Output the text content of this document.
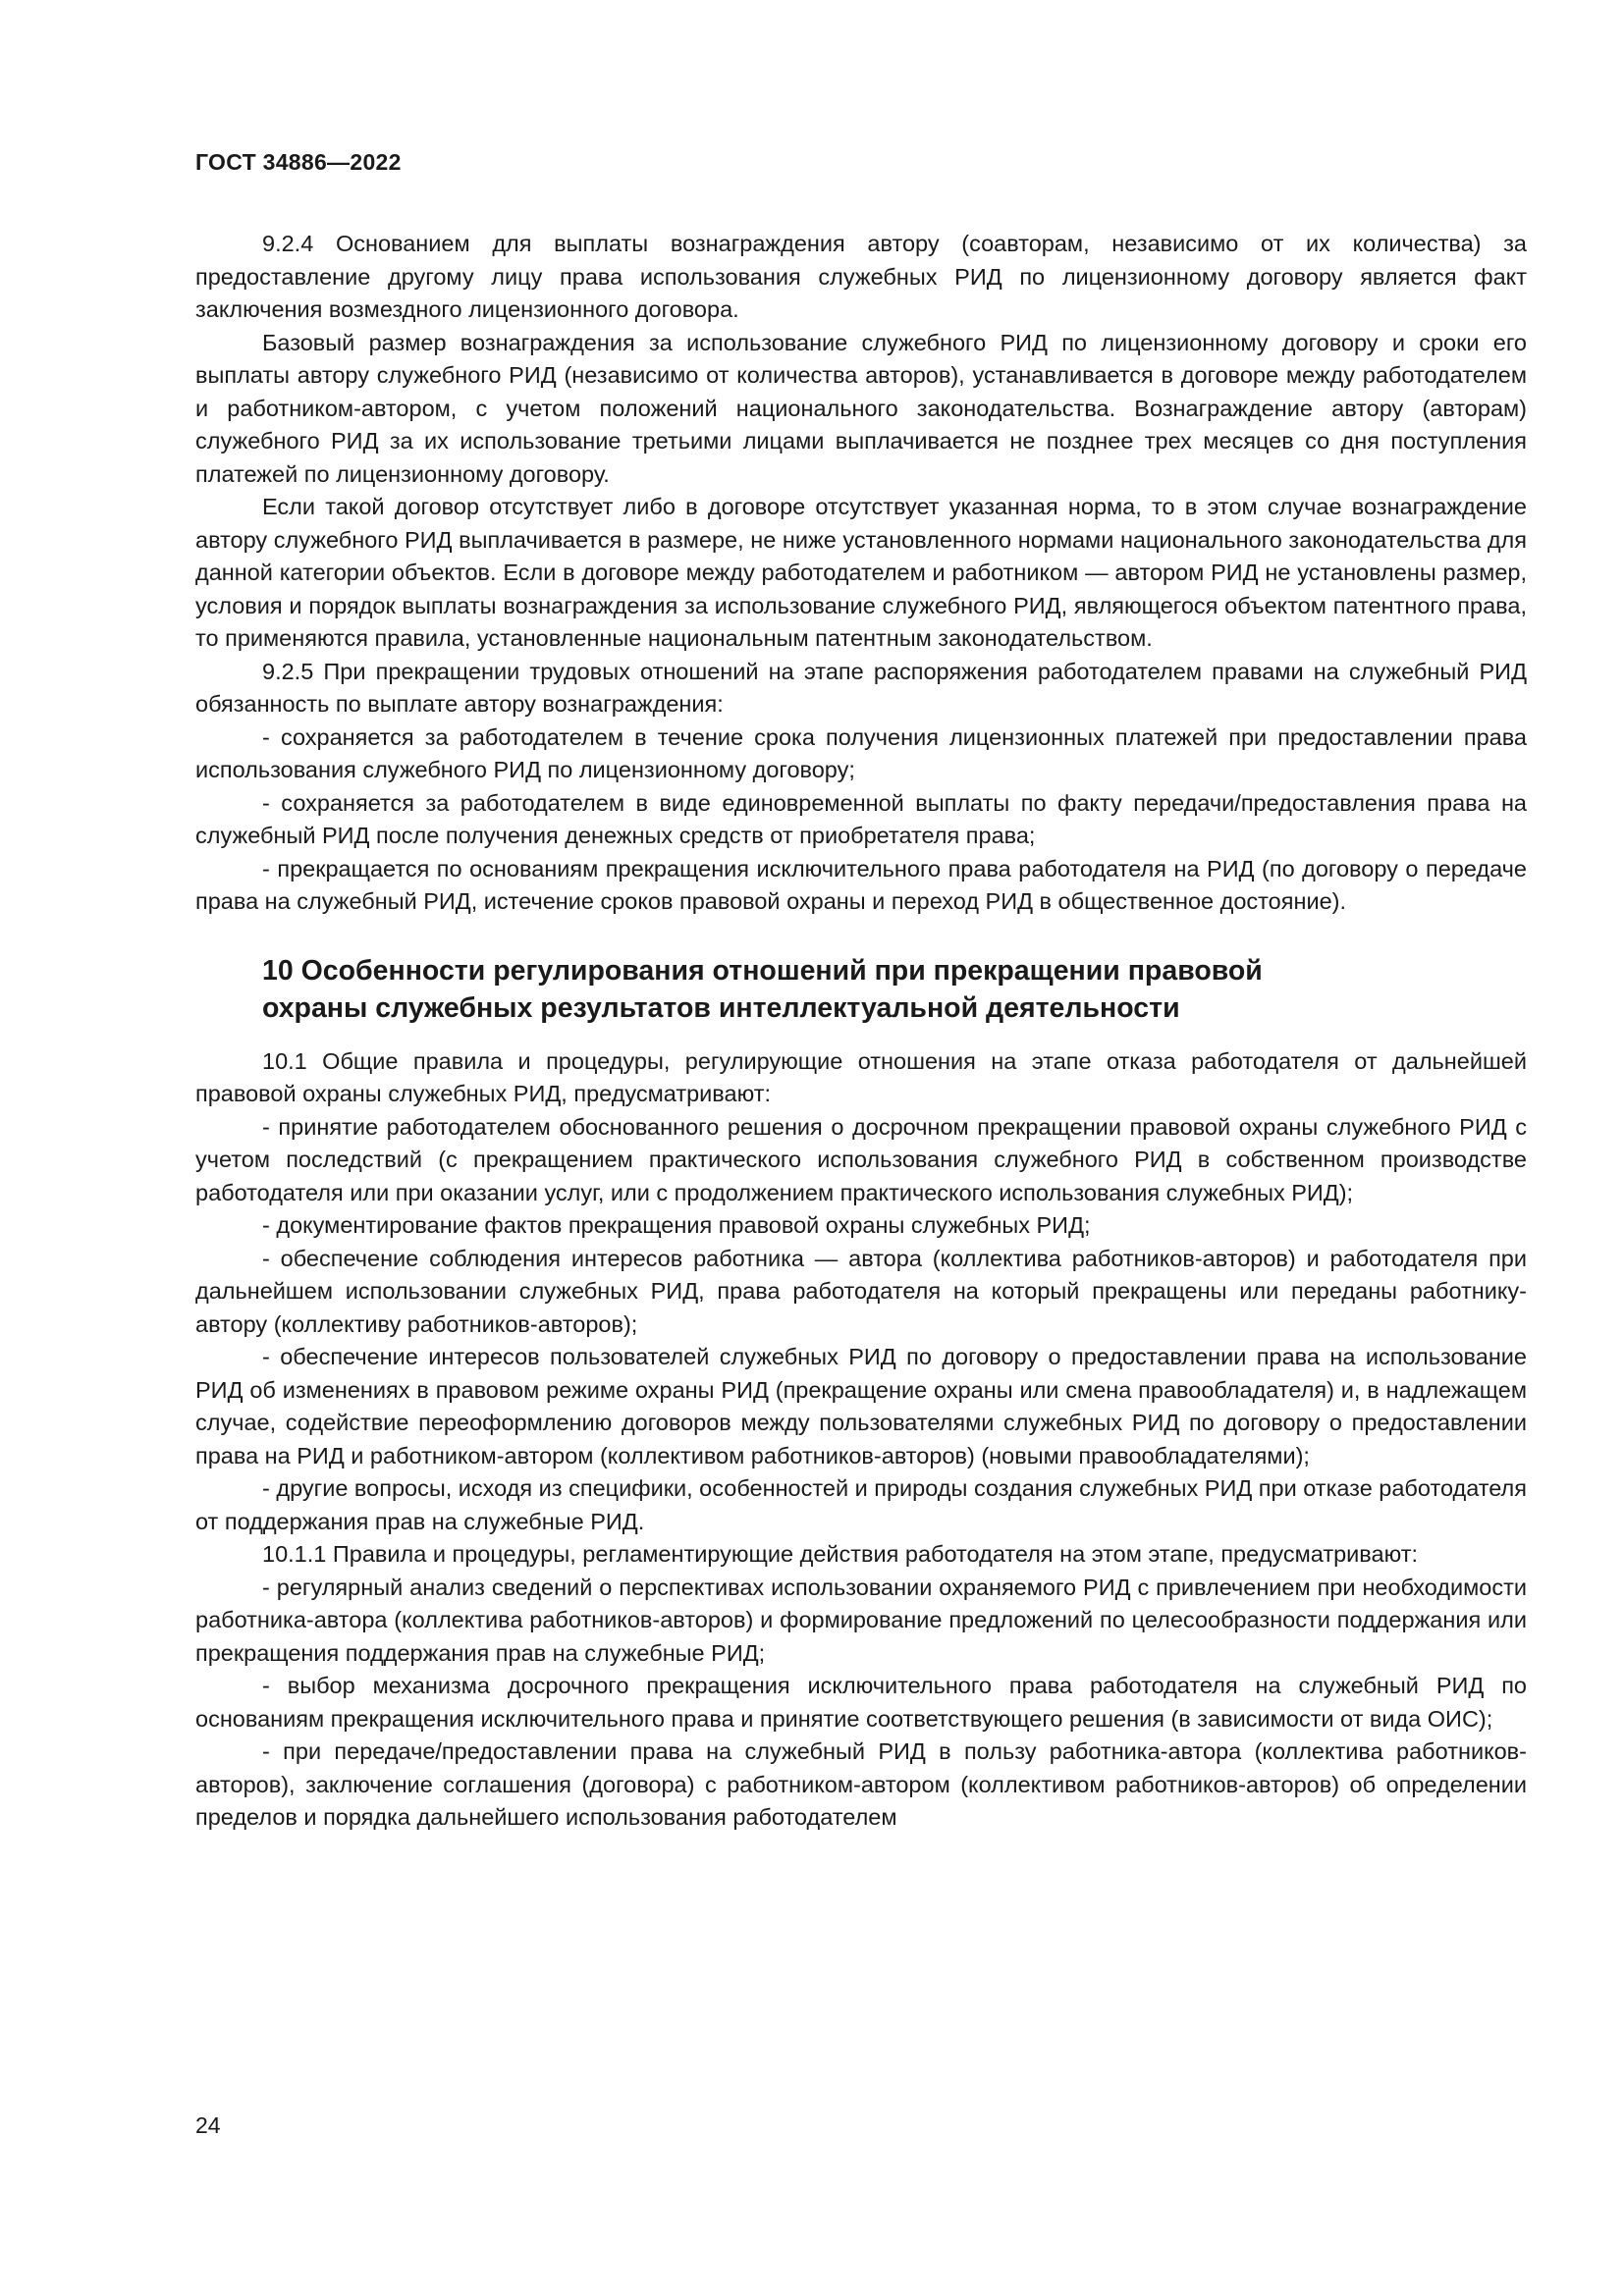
ГОСТ 34886—2022

9.2.4 Основанием для выплаты вознаграждения автору (соавторам, независимо от их количества) за предоставление другому лицу права использования служебных РИД по лицензионному договору является факт заключения возмездного лицензионного договора.

Базовый размер вознаграждения за использование служебного РИД по лицензионному договору и сроки его выплаты автору служебного РИД (независимо от количества авторов), устанавливается в договоре между работодателем и работником-автором, с учетом положений национального законодательства. Вознаграждение автору (авторам) служебного РИД за их использование третьими лицами выплачивается не позднее трех месяцев со дня поступления платежей по лицензионному договору.

Если такой договор отсутствует либо в договоре отсутствует указанная норма, то в этом случае вознаграждение автору служебного РИД выплачивается в размере, не ниже установленного нормами национального законодательства для данной категории объектов. Если в договоре между работодателем и работником — автором РИД не установлены размер, условия и порядок выплаты вознаграждения за использование служебного РИД, являющегося объектом патентного права, то применяются правила, установленные национальным патентным законодательством.

9.2.5 При прекращении трудовых отношений на этапе распоряжения работодателем правами на служебный РИД обязанность по выплате автору вознаграждения:

- сохраняется за работодателем в течение срока получения лицензионных платежей при предоставлении права использования служебного РИД по лицензионному договору;

- сохраняется за работодателем в виде единовременной выплаты по факту передачи/предоставления права на служебный РИД после получения денежных средств от приобретателя права;

- прекращается по основаниям прекращения исключительного права работодателя на РИД (по договору о передаче права на служебный РИД, истечение сроков правовой охраны и переход РИД в общественное достояние).

10 Особенности регулирования отношений при прекращении правовой
охраны служебных результатов интеллектуальной деятельности

10.1 Общие правила и процедуры, регулирующие отношения на этапе отказа работодателя от дальнейшей правовой охраны служебных РИД, предусматривают:

- принятие работодателем обоснованного решения о досрочном прекращении правовой охраны служебного РИД с учетом последствий (с прекращением практического использования служебного РИД в собственном производстве работодателя или при оказании услуг, или с продолжением практического использования служебных РИД);

- документирование фактов прекращения правовой охраны служебных РИД;

- обеспечение соблюдения интересов работника — автора (коллектива работников-авторов) и работодателя при дальнейшем использовании служебных РИД, права работодателя на который прекращены или переданы работнику-автору (коллективу работников-авторов);

- обеспечение интересов пользователей служебных РИД по договору о предоставлении права на использование РИД об изменениях в правовом режиме охраны РИД (прекращение охраны или смена правообладателя) и, в надлежащем случае, содействие переоформлению договоров между пользователями служебных РИД по договору о предоставлении права на РИД и работником-автором (коллективом работников-авторов) (новыми правообладателями);

- другие вопросы, исходя из специфики, особенностей и природы создания служебных РИД при отказе работодателя от поддержания прав на служебные РИД.

10.1.1 Правила и процедуры, регламентирующие действия работодателя на этом этапе, предусматривают:

- регулярный анализ сведений о перспективах использовании охраняемого РИД с привлечением при необходимости работника-автора (коллектива работников-авторов) и формирование предложений по целесообразности поддержания или прекращения поддержания прав на служебные РИД;

- выбор механизма досрочного прекращения исключительного права работодателя на служебный РИД по основаниям прекращения исключительного права и принятие соответствующего решения (в зависимости от вида ОИС);

- при передаче/предоставлении права на служебный РИД в пользу работника-автора (коллектива работников-авторов), заключение соглашения (договора) с работником-автором (коллективом работников-авторов) об определении пределов и порядка дальнейшего использования работодателем

24
